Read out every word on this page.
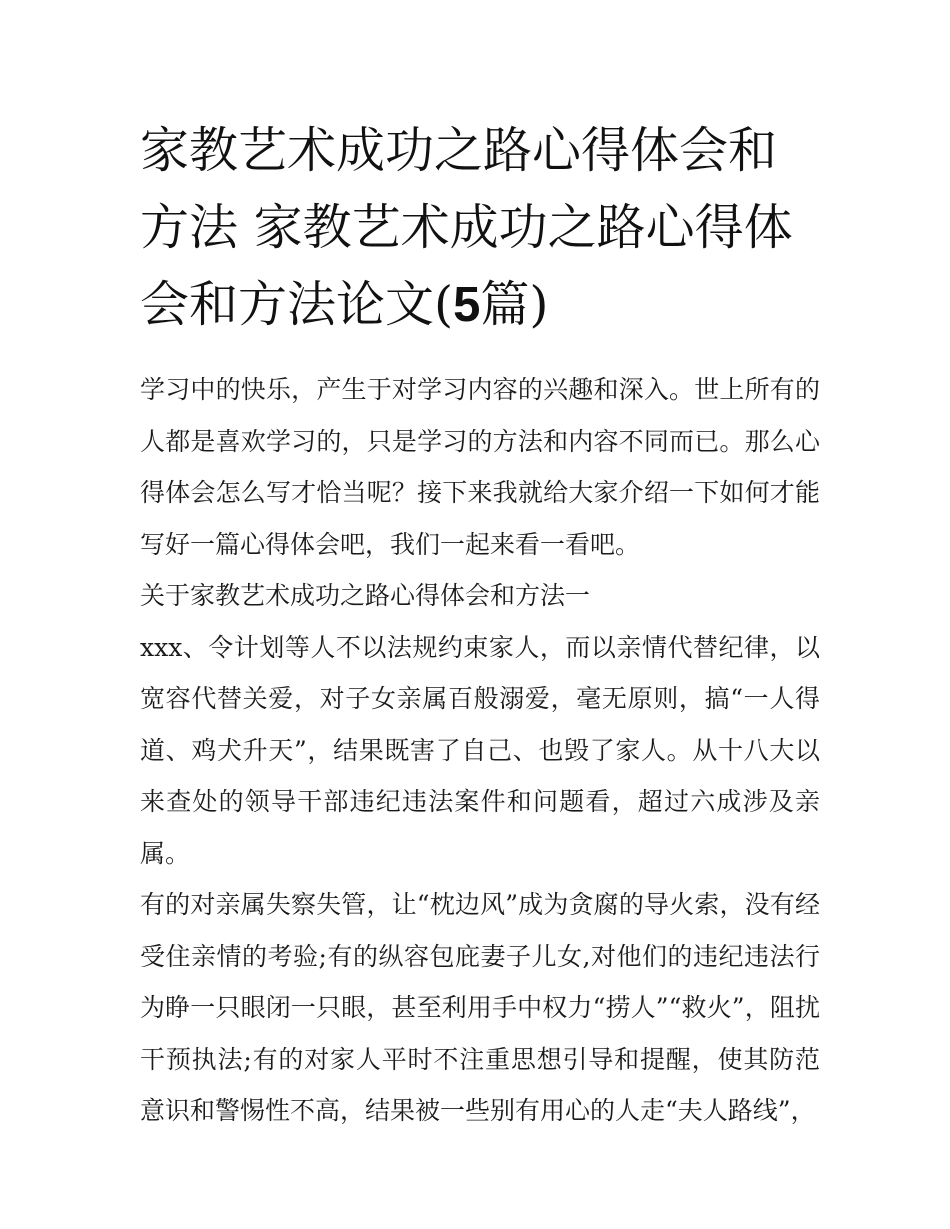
家教艺术成功之路心得体会和方法 家教艺术成功之路心得体会和方法论文(5篇)

学习中的快乐，产生于对学习内容的兴趣和深入。世上所有的人都是喜欢学习的，只是学习的方法和内容不同而已。那么心得体会怎么写才恰当呢？接下来我就给大家介绍一下如何才能写好一篇心得体会吧，我们一起来看一看吧。

关于家教艺术成功之路心得体会和方法一

xxx、令计划等人不以法规约束家人，而以亲情代替纪律，以宽容代替关爱，对子女亲属百般溺爱，毫无原则，搞“一人得道、鸡犬升天”，结果既害了自己、也毁了家人。从十八大以来查处的领导干部违纪违法案件和问题看，超过六成涉及亲属。

有的对亲属失察失管，让“枕边风”成为贪腐的导火索，没有经受住亲情的考验;有的纵容包庇妻子儿女,对他们的违纪违法行为睁一只眼闭一只眼，甚至利用手中权力“捞人”“救火”，阻扰干预执法;有的对家人平时不注重思想引导和提醒，使其防范意识和警惕性不高，结果被一些别有用心的人走“夫人路线”，
